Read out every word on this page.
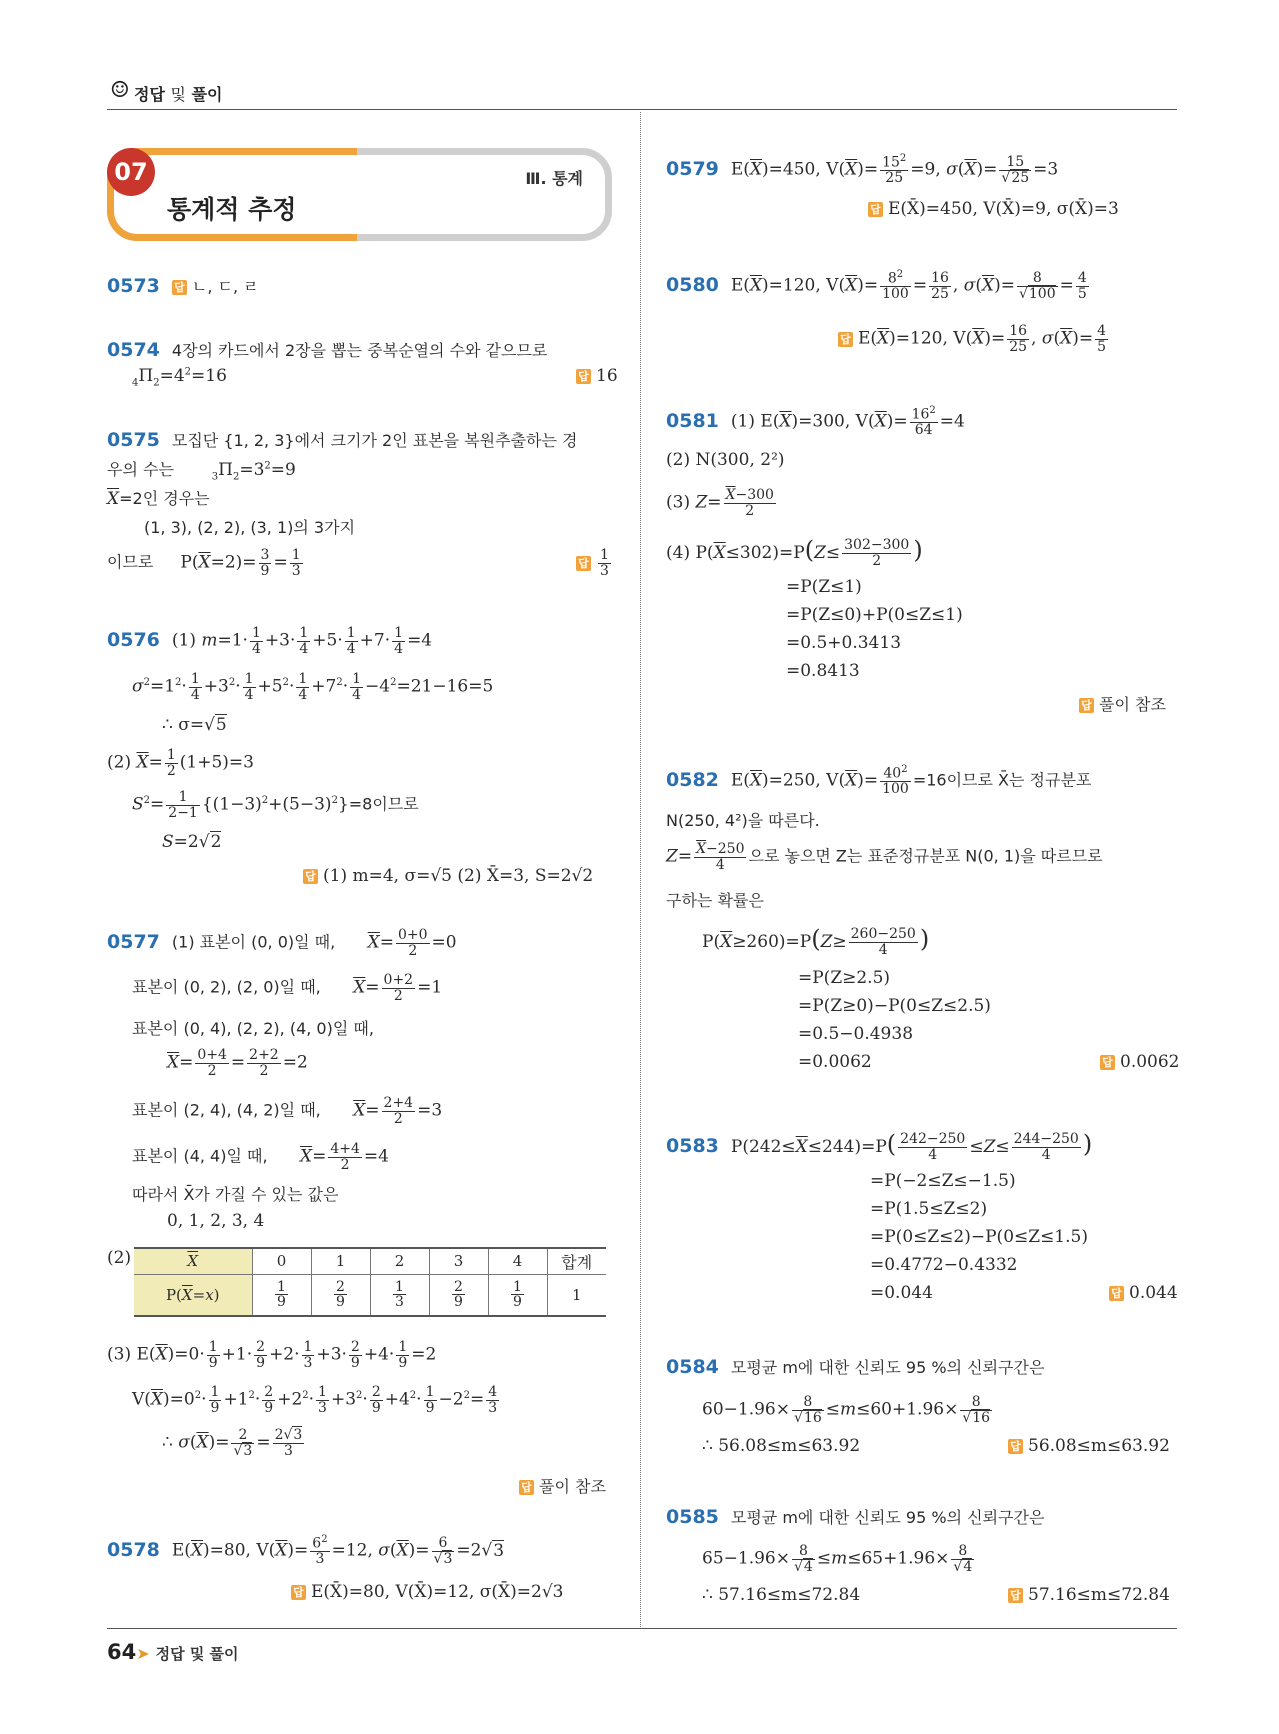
☺ 정답 및 풀이
07
통계적 추정
Ⅲ. 통계
0573 답 ㄴ, ㄷ, ㄹ
0574 4장의 카드에서 2장을 뽑는 중복순열의 수와 같으므로
$_4\Pi_2=4^2=16$	답 16
0575 모집단 {1, 2, 3}에서 크기가 2인 표본을 복원추출하는 경
우의 수는	$_3\Pi_2=3^2=9$
$\overline{X}=2$인 경우는
(1, 3), (2, 2), (3, 1)의 3가지
이므로     $P(\overline{X}=2)= \frac{3}{9} = \frac{1}{3}$	답 $\frac{1}{3}$
0576 (1) $m=1\cdot \frac{1}{4} +3\cdot \frac{1}{4} +5\cdot \frac{1}{4} +7\cdot \frac{1}{4} =4$
$\sigma^2=1^2\cdot \frac{1}{4} +3^2\cdot \frac{1}{4} +5^2\cdot \frac{1}{4} +7^2\cdot \frac{1}{4} -4^2=21-16=5$
∴ σ=√5
(2) $\overline{X}= \frac{1}{2} (1+5)=3$
$S^2= \frac{1}{2-1} \{(1-3)^2+(5-3)^2\}=8$이므로
S=2√2
답 (1) m=4, σ=√5 (2) X̄=3, S=2√2
0577 (1) 표본이 (0, 0)일 때, $\overline{X}= \frac{0+0}{2} =0$
표본이 (0, 2), (2, 0)일 때, $\overline{X}= \frac{0+2}{2} =1$
표본이 (0, 4), (2, 2), (4, 0)일 때,
$\overline{X}= \frac{0+4}{2} = \frac{2+2}{2} =2$
표본이 (2, 4), (4, 2)일 때, $\overline{X}= \frac{2+4}{2} =3$
표본이 (4, 4)일 때, $\overline{X}= \frac{4+4}{2} =4$
따라서 X̄가 가질 수 있는 값은
0, 1, 2, 3, 4
(2)	$\overline{X}$	0	1	2	3	4	합계
$P(\overline{X}=x)$	$\frac{1}{9}$	$\frac{2}{9}$	$\frac{1}{3}$	$\frac{2}{9}$	$\frac{1}{9}$	1
(3) $E(\overline{X})=0\cdot \frac{1}{9} +1\cdot \frac{2}{9} +2\cdot \frac{1}{3} +3\cdot \frac{2}{9} +4\cdot \frac{1}{9} =2$
$V(\overline{X})=0^2\cdot \frac{1}{9} +1^2\cdot \frac{2}{9} +2^2\cdot \frac{1}{3} +3^2\cdot \frac{2}{9} +4^2\cdot \frac{1}{9} -2^2= \frac{4}{3}$
∴ $\sigma(\overline{X})= \frac{2}{√3} = \frac{2√3}{3}$
답 풀이 참조
0578 $E(\overline{X})=80$, $V(\overline{X})= \frac{6^2}{3} =12$, $\sigma(\overline{X})= \frac{6}{√3} =2√3$
답 E(X̄)=80, V(X̄)=12, σ(X̄)=2√3
0579 $E(\overline{X})=450$, $V(\overline{X})= \frac{15^2}{25} =9$, $\sigma(\overline{X})= \frac{15}{√25} =3$
답 E(X̄)=450, V(X̄)=9, σ(X̄)=3
0580 $E(\overline{X})=120$, $V(\overline{X})= \frac{8^2}{100} = \frac{16}{25}$ , $\sigma(\overline{X})= \frac{8}{√100} = \frac{4}{5}$
답 $E(\overline{X})=120$, $V(\overline{X})= \frac{16}{25}$ , $\sigma(\overline{X})= \frac{4}{5}$
0581 (1) $E(\overline{X})=300$, $V(\overline{X})= \frac{16^2}{64} =4$
(2) N(300, 2²)
(3) $Z= \frac{\overline{X}-300}{2}$
(4) $P(\overline{X}\le 302)=P(Z\le \frac{302-300}{2}$ )
=P(Z≤1)
=P(Z≤0)+P(0≤Z≤1)
=0.5+0.3413
=0.8413
답 풀이 참조
0582 $E(\overline{X})=250$, $V(\overline{X})= \frac{40^2}{100} =16$이므로 X̄는 정규분포
N(250, 4²)을 따른다.
$Z= \frac{\overline{X}-250}{4}$ 으로 놓으면 Z는 표준정규분포 N(0, 1)을 따르므로
구하는 확률은
$P(\overline{X}\ge 260)=P(Z\ge \frac{260-250}{4}$ )
=P(Z≥2.5)
=P(Z≥0)−P(0≤Z≤2.5)
=0.5−0.4938
=0.0062	답 0.0062
0583 $P(242\le\overline{X}\le 244)=P( \frac{242-250}{4} \le Z\le \frac{244-250}{4}$ )
=P(−2≤Z≤−1.5)
=P(1.5≤Z≤2)
=P(0≤Z≤2)−P(0≤Z≤1.5)
=0.4772−0.4332
=0.044	답 0.044
0584 모평균 m에 대한 신뢰도 95 %의 신뢰구간은
$60-1.96\times \frac{8}{√16} \le m\le 60+1.96\times \frac{8}{√16}$
∴ 56.08≤m≤63.92	답 56.08≤m≤63.92
0585 모평균 m에 대한 신뢰도 95 %의 신뢰구간은
$65-1.96\times \frac{8}{√4} \le m\le 65+1.96\times \frac{8}{√4}$
∴ 57.16≤m≤72.84	답 57.16≤m≤72.84
64➤ 정답 및 풀이
